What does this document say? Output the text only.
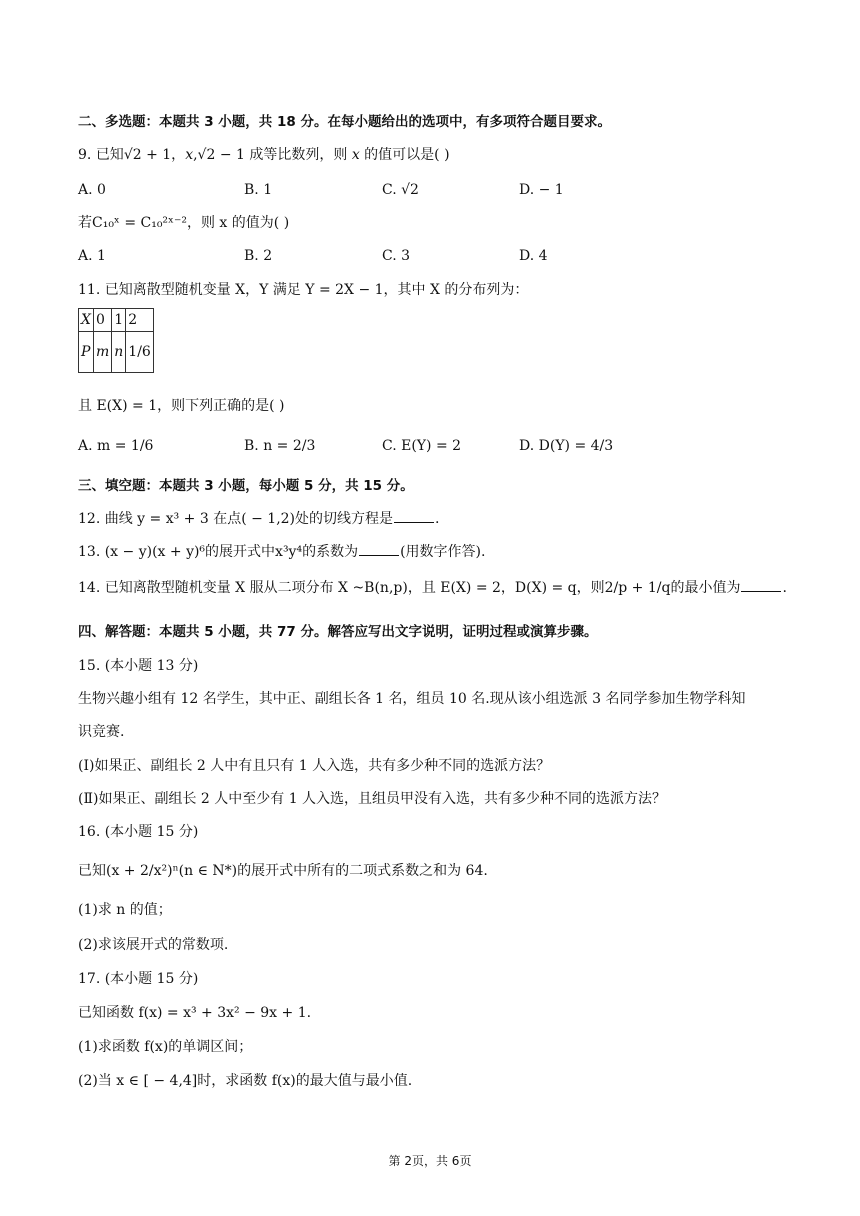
二、多选题：本题共 3 小题，共 18 分。在每小题给出的选项中，有多项符合题目要求。
9. 已知√2 + 1，x,√2 − 1 成等比数列，则 x 的值可以是( )
A. 0	B. 1	C. √2	D. − 1
若C₁₀ˣ = C₁₀²ˣ⁻²，则 x 的值为( )
A. 1	B. 2	C. 3	D. 4
11. 已知离散型随机变量 X，Y 满足 Y = 2X − 1，其中 X 的分布列为：
X	0	1	2
P	m	n	1/6
且 E(X) = 1，则下列正确的是( )
A. m = 1/6	B. n = 2/3	C. E(Y) = 2	D. D(Y) = 4/3
三、填空题：本题共 3 小题，每小题 5 分，共 15 分。
12. 曲线 y = x³ + 3 在点( − 1,2)处的切线方程是	.
13. (x − y)(x + y)⁶的展开式中x³y⁴的系数为	(用数字作答).
14. 已知离散型随机变量 X 服从二项分布 X ~B(n,p)，且 E(X) = 2，D(X) = q，则2/p + 1/q的最小值为	.
四、解答题：本题共 5 小题，共 77 分。解答应写出文字说明，证明过程或演算步骤。
15. (本小题 13 分)
生物兴趣小组有 12 名学生，其中正、副组长各 1 名，组员 10 名.现从该小组选派 3 名同学参加生物学科知
识竞赛.
(Ⅰ)如果正、副组长 2 人中有且只有 1 人入选，共有多少种不同的选派方法？
(Ⅱ)如果正、副组长 2 人中至少有 1 人入选，且组员甲没有入选，共有多少种不同的选派方法？
16. (本小题 15 分)
已知(x + 2/x²)ⁿ(n ∈ N*)的展开式中所有的二项式系数之和为 64.
(1)求 n 的值；
(2)求该展开式的常数项.
17. (本小题 15 分)
已知函数 f(x) = x³ + 3x² − 9x + 1.
(1)求函数 f(x)的单调区间；
(2)当 x ∈ [ − 4,4]时，求函数 f(x)的最大值与最小值.
第 2页，共 6页
